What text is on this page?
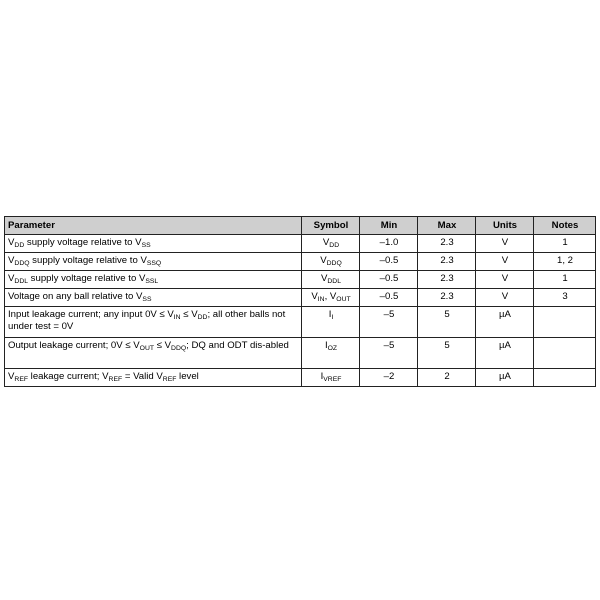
Parameter	Symbol	Min	Max	Units	Notes
$V_{DD}$ supply voltage relative to $V_{SS}$	$V_{DD}$	–1.0	2.3	V	1
$V_{DDQ}$ supply voltage relative to $V_{SSQ}$	$V_{DDQ}$	–0.5	2.3	V	1, 2
$V_{DDL}$ supply voltage relative to $V_{SSL}$	$V_{DDL}$	–0.5	2.3	V	1
Voltage on any ball relative to $V_{SS}$	$V_{IN}$, $V_{OUT}$	–0.5	2.3	V	3
Input leakage current; any input $0V \le V_{IN} \le V_{DD}$; all other balls not under test = 0V	$I_I$	–5	5	µA	
Output leakage current; $0V \le V_{OUT} \le V_{DDQ}$; DQ and ODT dis-abled	$I_{OZ}$	–5	5	µA	
$V_{REF}$ leakage current; $V_{REF}$ = Valid $V_{REF}$ level	$I_{VREF}$	–2	2	µA	
